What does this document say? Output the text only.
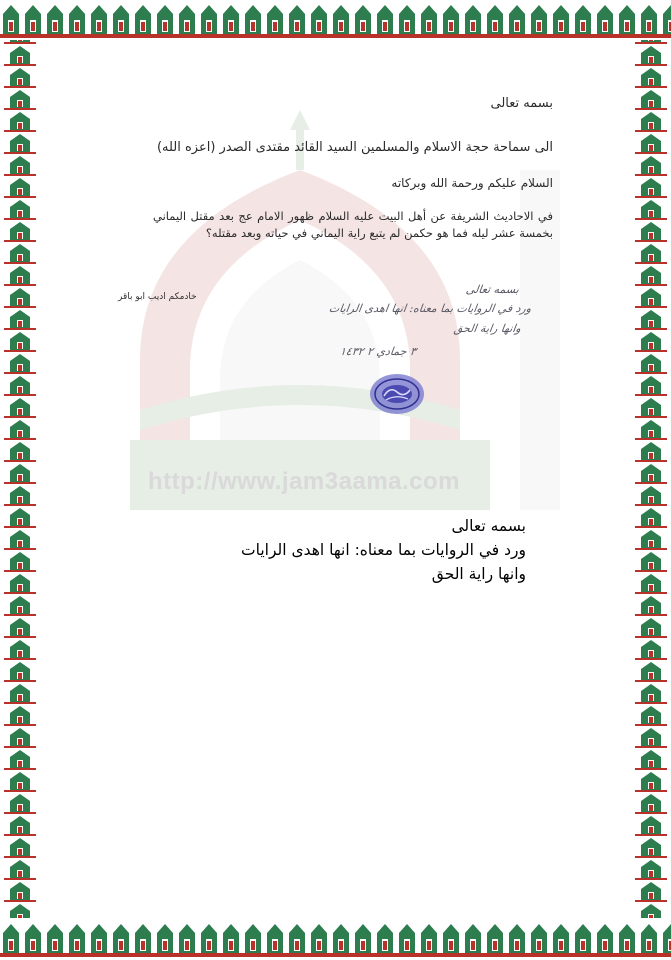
http://www.jam3aama.com
بسمه تعالى
الى سماحة حجة الاسلام والمسلمين السيد القائد مقتدى الصدر (اعزه الله)
السلام عليكم ورحمة الله وبركاته
في الاحاديث الشريفة عن أهل البيت عليه السلام ظهور الامام عج بعد مقتل اليماني بخمسة عشر ليله فما هو حكمن لم يتبع راية اليماني في حياته وبعد مقتله؟
خادمكم اديب ابو باقر
بسمه تعالى
ورد في الروايات بما معناه: انها اهدى الرايات
وانها راية الحق
٣ جمادي ٢ ١٤٣٢
بسمه تعالى
ورد في الروايات بما معناه: انها اهدى الرايات
وانها راية الحق
